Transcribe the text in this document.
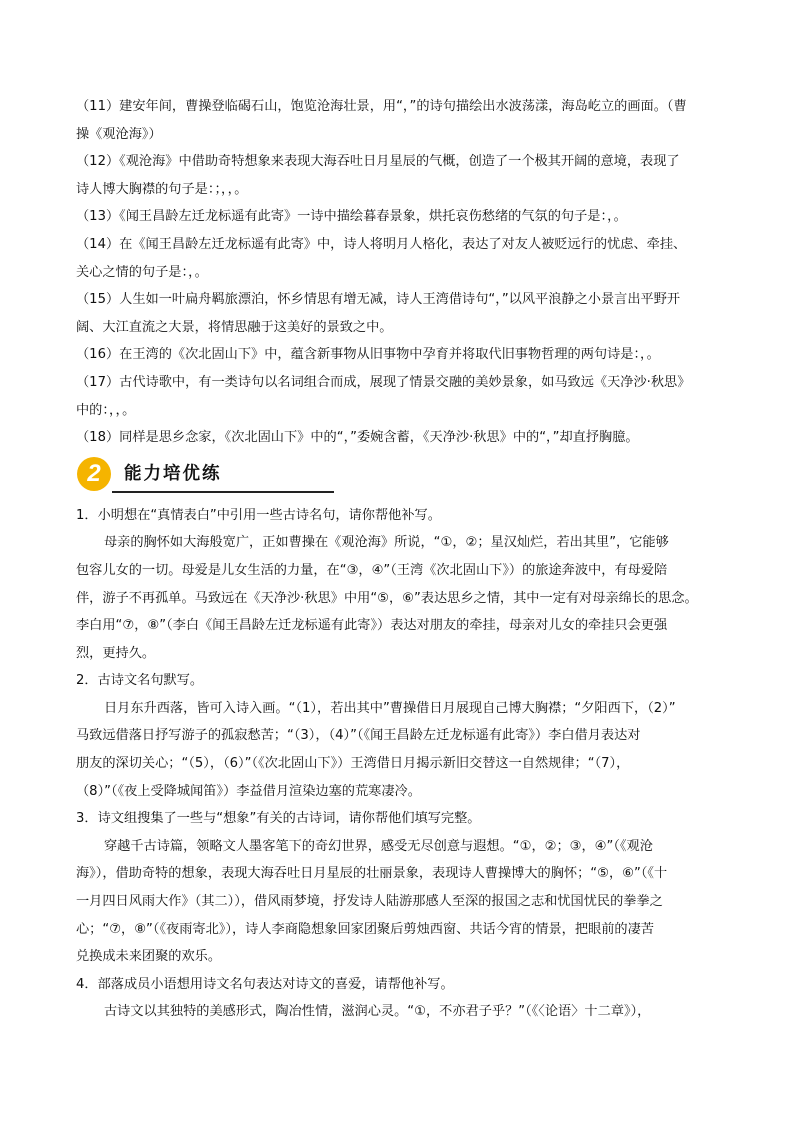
（11）建安年间，曹操登临碣石山，饱览沧海壮景，用“，”的诗句描绘出水波荡漾，海岛屹立的画面。（曹
操《观沧海》）
（12）《观沧海》中借助奇特想象来表现大海吞吐日月星辰的气概，创造了一个极其开阔的意境，表现了
诗人博大胸襟的句子是：；，，。
（13）《闻王昌龄左迁龙标遥有此寄》一诗中描绘暮春景象，烘托哀伤愁绪的气氛的句子是：，。
（14）在《闻王昌龄左迁龙标遥有此寄》中，诗人将明月人格化，表达了对友人被贬远行的忧虑、牵挂、
关心之情的句子是：，。
（15）人生如一叶扁舟羁旅漂泊，怀乡情思有增无减，诗人王湾借诗句“，”以风平浪静之小景言出平野开
阔、大江直流之大景，将情思融于这美好的景致之中。
（16）在王湾的《次北固山下》中，蕴含新事物从旧事物中孕育并将取代旧事物哲理的两句诗是：，。
（17）古代诗歌中，有一类诗句以名词组合而成，展现了情景交融的美妙景象，如马致远《天净沙·秋思》
中的：，，。
（18）同样是思乡念家，《次北固山下》中的“，”委婉含蓄，《天净沙·秋思》中的“，”却直抒胸臆。
2	能力培优练
1．小明想在“真情表白”中引用一些古诗名句，请你帮他补写。
母亲的胸怀如大海般宽广，正如曹操在《观沧海》所说，“①，②；星汉灿烂，若出其里”，它能够
包容儿女的一切。母爱是儿女生活的力量，在“③，④”（王湾《次北固山下》）的旅途奔波中，有母爱陪
伴，游子不再孤单。马致远在《天净沙·秋思》中用“⑤，⑥”表达思乡之情，其中一定有对母亲绵长的思念。
李白用“⑦，⑧”（李白《闻王昌龄左迁龙标遥有此寄》）表达对朋友的牵挂，母亲对儿女的牵挂只会更强
烈，更持久。
2．古诗文名句默写。
日月东升西落，皆可入诗入画。“（1），若出其中”曹操借日月展现自己博大胸襟；“夕阳西下，（2）”
马致远借落日抒写游子的孤寂愁苦；“（3），（4）”（《闻王昌龄左迁龙标遥有此寄》）李白借月表达对
朋友的深切关心；“（5），（6）”（《次北固山下》）王湾借日月揭示新旧交替这一自然规律；“（7），
（8）”（《夜上受降城闻笛》）李益借月渲染边塞的荒寒凄冷。
3．诗文组搜集了一些与“想象”有关的古诗词，请你帮他们填写完整。
穿越千古诗篇，领略文人墨客笔下的奇幻世界，感受无尽创意与遐想。“①，②；③，④”（《观沧
海》），借助奇特的想象，表现大海吞吐日月星辰的壮丽景象，表现诗人曹操博大的胸怀；“⑤，⑥”（《十
一月四日风雨大作》（其二）），借风雨梦境，抒发诗人陆游那感人至深的报国之志和忧国忧民的拳拳之
心；“⑦，⑧”（《夜雨寄北》），诗人李商隐想象回家团聚后剪烛西窗、共话今宵的情景，把眼前的凄苦
兑换成未来团聚的欢乐。
4．部落成员小语想用诗文名句表达对诗文的喜爱，请帮他补写。
古诗文以其独特的美感形式，陶冶性情，滋润心灵。“①，不亦君子乎？”（《〈论语〉十二章》），
